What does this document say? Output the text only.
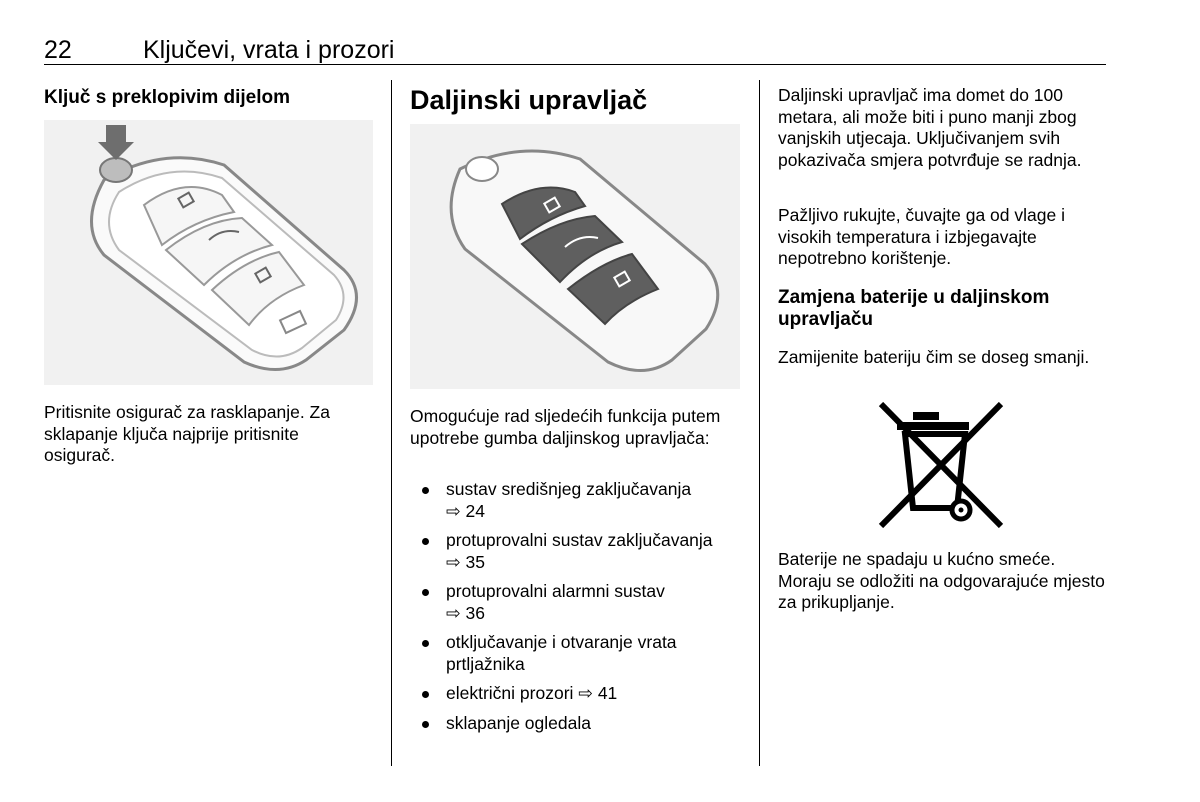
22	Ključevi, vrata i prozori
Ključ s preklopivim dijelom
Pritisnite osigurač za rasklapanje. Za sklapanje ključa najprije pritisnite osigurač.
Daljinski upravljač
Omogućuje rad sljedećih funkcija putem upotrebe gumba daljinskog upravljača:
sustav središnjeg zaključavanja
⇨ 24
protuprovalni sustav zaključavanja ⇨ 35
protuprovalni alarmni sustav
⇨ 36
otključavanje i otvaranje vrata prtljažnika
električni prozori ⇨ 41
sklapanje ogledala
Daljinski upravljač ima domet do 100 metara, ali može biti i puno manji zbog vanjskih utjecaja. Uključivanjem svih pokazivača smjera potvrđuje se radnja.
Pažljivo rukujte, čuvajte ga od vlage i visokih temperatura i izbjegavajte nepotrebno korištenje.
Zamjena baterije u daljinskom upravljaču
Zamijenite bateriju čim se doseg smanji.
Baterije ne spadaju u kućno smeće. Moraju se odložiti na odgovarajuće mjesto za prikupljanje.
